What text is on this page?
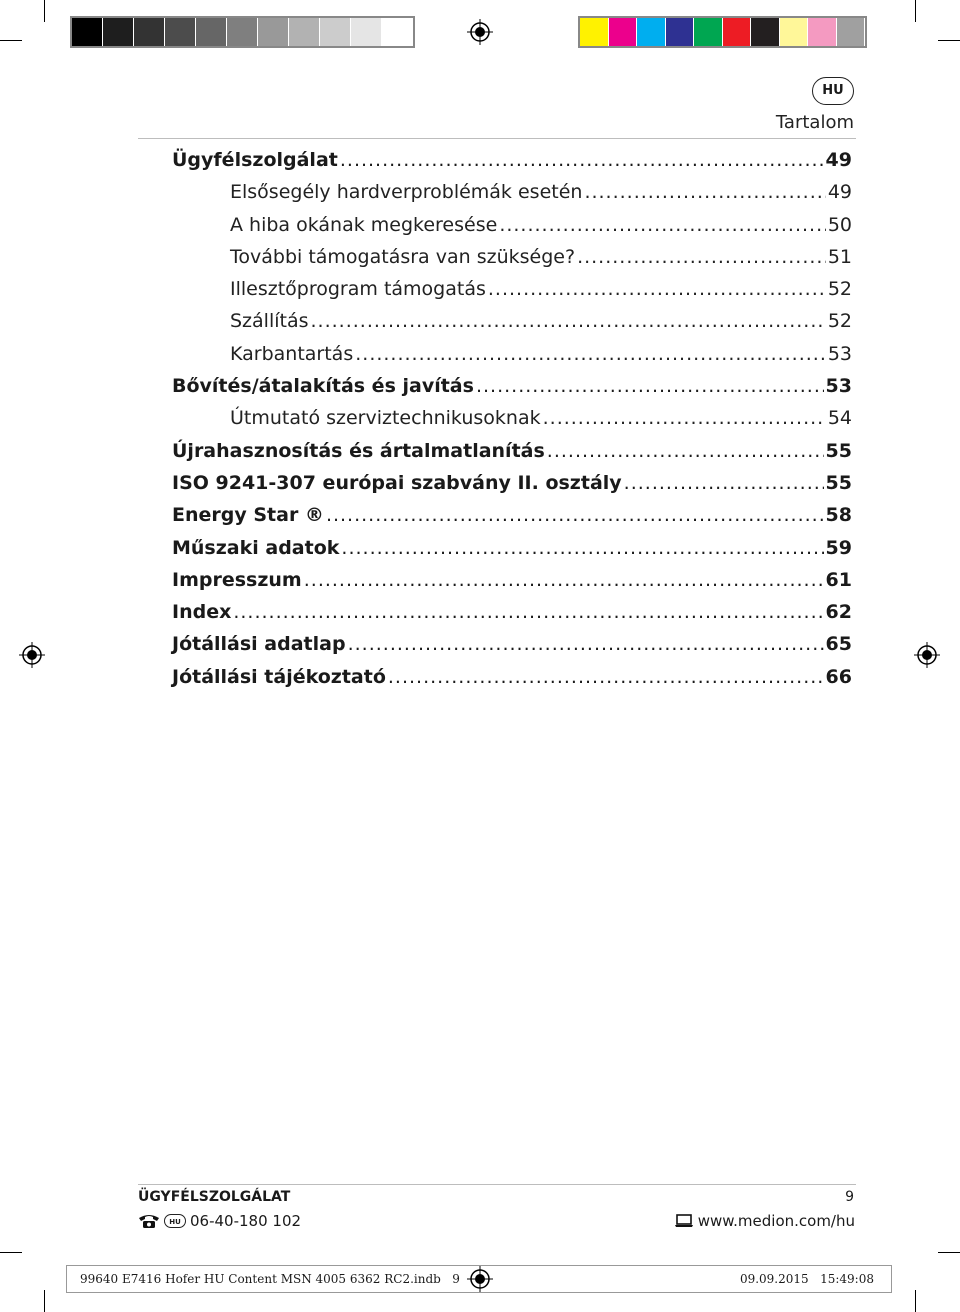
HU
Tartalom
Ügyfélszolgálat .....	49
Elsősegély hardverproblémák esetén .....	49
A hiba okának megkeresése .....	50
További támogatásra van szüksége? .....	51
Illesztőprogram támogatás .....	52
Szállítás .....	52
Karbantartás .....	53
Bővítés/átalakítás és javítás .....	53
Útmutató szerviztechnikusoknak .....	54
Újrahasznosítás és ártalmatlanítás .....	55
ISO 9241-307 európai szabvány II. osztály .....	55
Energy Star ® .....	58
Műszaki adatok .....	59
Impresszum .....	61
Index .....	62
Jótállási adatlap .....	65
Jótállási tájékoztató .....	66
ÜGYFÉLSZOLGÁLAT	9
HU 06-40-180 102	www.medion.com/hu
99640 E7416 Hofer HU Content MSN 4005 6362 RC2.indb   9	09.09.2015   15:49:08
